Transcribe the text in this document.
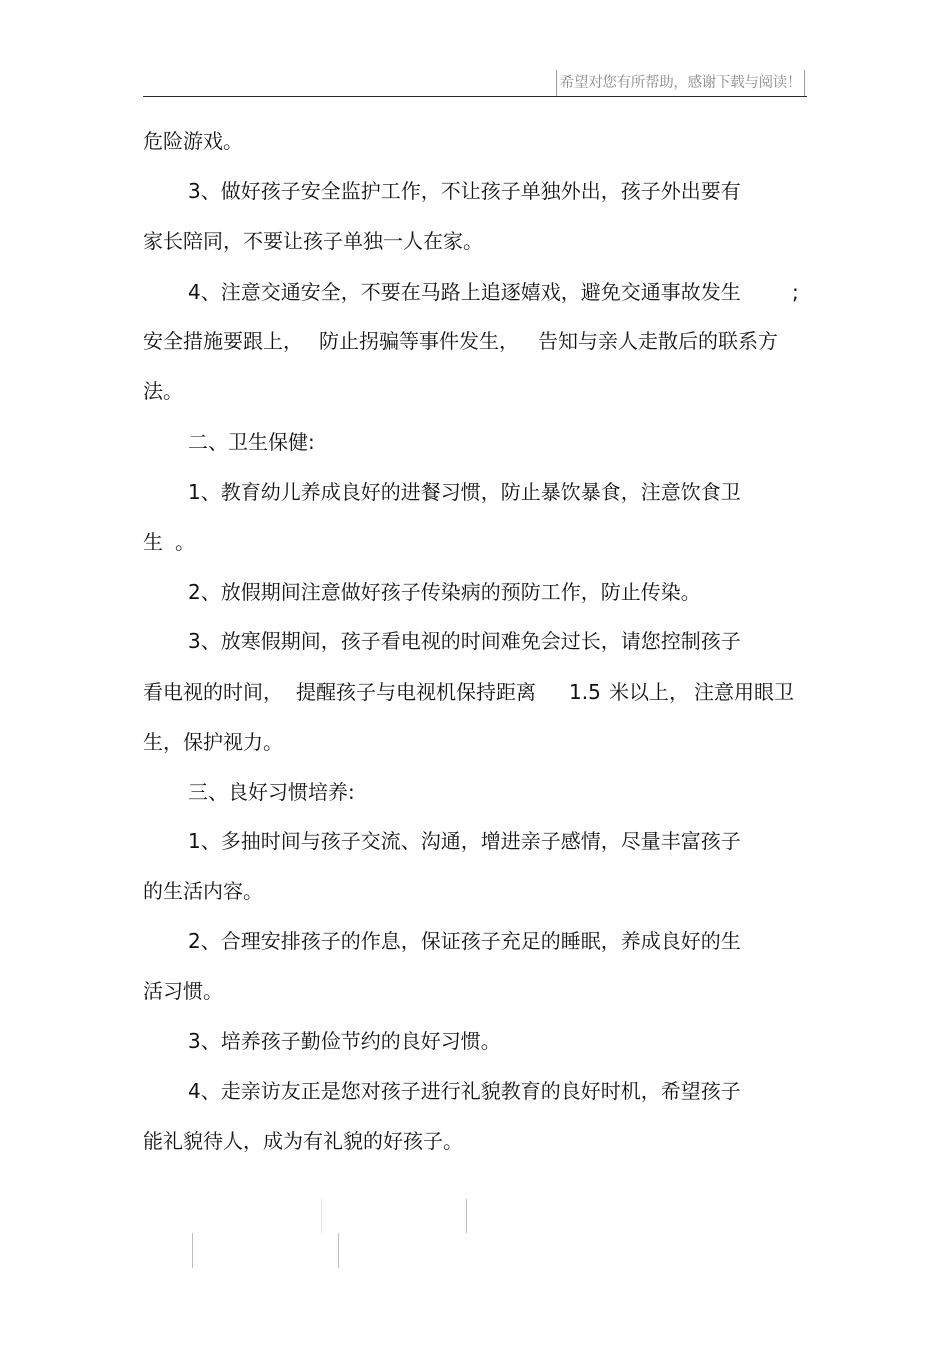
希望对您有所帮助，感谢下载与阅读！
危险游戏。
3、做好孩子安全监护工作，不让孩子单独外出，孩子外出要有
家长陪同，不要让孩子单独一人在家。
4、注意交通安全，不要在马路上追逐嬉戏，避免交通事故发生	;
安全措施要跟上， 防止拐骗等事件发生， 告知与亲人走散后的联系方
法。
二、卫生保健:
1、教育幼儿养成良好的进餐习惯，防止暴饮暴食，注意饮食卫
生 。
2、放假期间注意做好孩子传染病的预防工作，防止传染。
3、放寒假期间，孩子看电视的时间难免会过长，请您控制孩子
看电视的时间， 提醒孩子与电视机保持距离 1.5 米以上， 注意用眼卫
生，保护视力。
三、良好习惯培养:
1、多抽时间与孩子交流、沟通，增进亲子感情，尽量丰富孩子
的生活内容。
2、合理安排孩子的作息，保证孩子充足的睡眠，养成良好的生
活习惯。
3、培养孩子勤俭节约的良好习惯。
4、走亲访友正是您对孩子进行礼貌教育的良好时机，希望孩子
能礼貌待人，成为有礼貌的好孩子。
